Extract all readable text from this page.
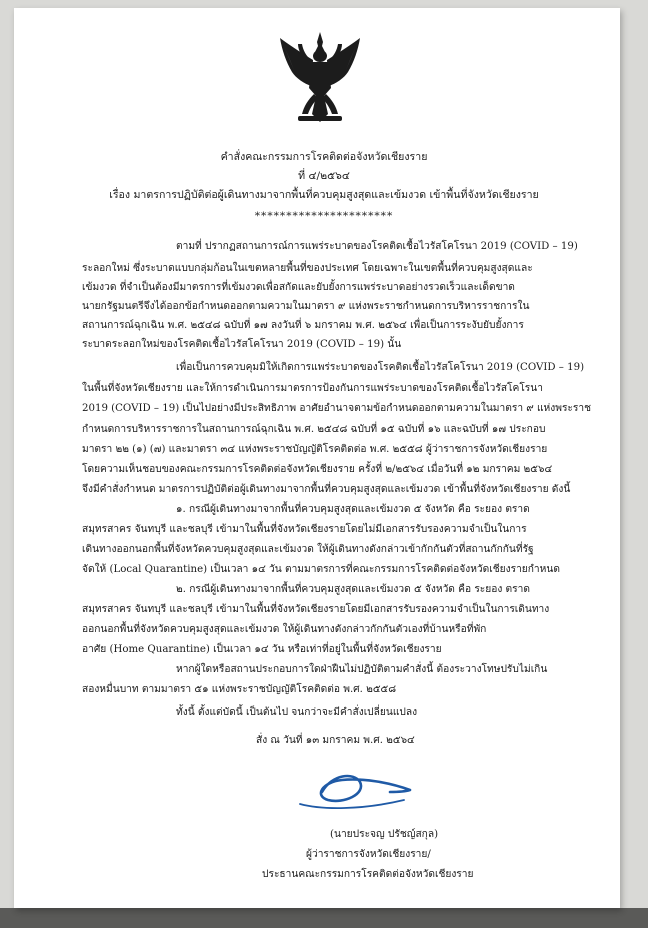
คำสั่งคณะกรรมการโรคติดต่อจังหวัดเชียงราย
ที่ ๔/๒๕๖๔
เรื่อง มาตรการปฏิบัติต่อผู้เดินทางมาจากพื้นที่ควบคุมสูงสุดและเข้มงวด เข้าพื้นที่จังหวัดเชียงราย
**********************
ตามที่ ปรากฏสถานการณ์การแพร่ระบาดของโรคติดเชื้อไวรัสโคโรนา 2019 (COVID – 19)
ระลอกใหม่ ซึ่งระบาดแบบกลุ่มก้อนในเขตหลายพื้นที่ของประเทศ โดยเฉพาะในเขตพื้นที่ควบคุมสูงสุดและ
เข้มงวด ที่จำเป็นต้องมีมาตรการที่เข้มงวดเพื่อสกัดและยับยั้งการแพร่ระบาดอย่างรวดเร็วและเด็ดขาด
นายกรัฐมนตรีจึงได้ออกข้อกำหนดออกตามความในมาตรา ๙ แห่งพระราชกำหนดการบริหารราชการใน
สถานการณ์ฉุกเฉิน พ.ศ. ๒๕๔๘ ฉบับที่ ๑๗ ลงวันที่ ๖ มกราคม พ.ศ. ๒๕๖๔ เพื่อเป็นการระงับยับยั้งการ
ระบาดระลอกใหม่ของโรคติดเชื้อไวรัสโคโรนา 2019 (COVID – 19) นั้น
เพื่อเป็นการควบคุมมิให้เกิดการแพร่ระบาดของโรคติดเชื้อไวรัสโคโรนา 2019 (COVID – 19)
ในพื้นที่จังหวัดเชียงราย และให้การดำเนินการมาตรการป้องกันการแพร่ระบาดของโรคติดเชื้อไวรัสโคโรนา
2019 (COVID – 19) เป็นไปอย่างมีประสิทธิภาพ อาศัยอำนาจตามข้อกำหนดออกตามความในมาตรา ๙ แห่งพระราช
กำหนดการบริหารราชการในสถานการณ์ฉุกเฉิน พ.ศ. ๒๕๔๘ ฉบับที่ ๑๕ ฉบับที่ ๑๖ และฉบับที่ ๑๗ ประกอบ
มาตรา ๒๒ (๑) (๗) และมาตรา ๓๔ แห่งพระราชบัญญัติโรคติดต่อ พ.ศ. ๒๕๕๘ ผู้ว่าราชการจังหวัดเชียงราย
โดยความเห็นชอบของคณะกรรมการโรคติดต่อจังหวัดเชียงราย ครั้งที่ ๒/๒๕๖๔ เมื่อวันที่ ๑๒ มกราคม ๒๕๖๔
จึงมีคำสั่งกำหนด มาตรการปฏิบัติต่อผู้เดินทางมาจากพื้นที่ควบคุมสูงสุดและเข้มงวด เข้าพื้นที่จังหวัดเชียงราย ดังนี้
๑. กรณีผู้เดินทางมาจากพื้นที่ควบคุมสูงสุดและเข้มงวด ๕ จังหวัด คือ ระยอง ตราด
สมุทรสาคร จันทบุรี และชลบุรี เข้ามาในพื้นที่จังหวัดเชียงรายโดยไม่มีเอกสารรับรองความจำเป็นในการ
เดินทางออกนอกพื้นที่จังหวัดควบคุมสูงสุดและเข้มงวด ให้ผู้เดินทางดังกล่าวเข้ากักกันตัวที่สถานกักกันที่รัฐ
จัดให้ (Local Quarantine) เป็นเวลา ๑๔ วัน ตามมาตรการที่คณะกรรมการโรคติดต่อจังหวัดเชียงรายกำหนด
๒. กรณีผู้เดินทางมาจากพื้นที่ควบคุมสูงสุดและเข้มงวด ๕ จังหวัด คือ ระยอง ตราด
สมุทรสาคร จันทบุรี และชลบุรี เข้ามาในพื้นที่จังหวัดเชียงรายโดยมีเอกสารรับรองความจำเป็นในการเดินทาง
ออกนอกพื้นที่จังหวัดควบคุมสูงสุดและเข้มงวด ให้ผู้เดินทางดังกล่าวกักกันตัวเองที่บ้านหรือที่พัก
อาศัย (Home Quarantine) เป็นเวลา ๑๔ วัน หรือเท่าที่อยู่ในพื้นที่จังหวัดเชียงราย
หากผู้ใดหรือสถานประกอบการใดฝ่าฝืนไม่ปฏิบัติตามคำสั่งนี้ ต้องระวางโทษปรับไม่เกิน
สองหมื่นบาท ตามมาตรา ๕๑ แห่งพระราชบัญญัติโรคติดต่อ พ.ศ. ๒๕๕๘
ทั้งนี้ ตั้งแต่บัดนี้ เป็นต้นไป จนกว่าจะมีคำสั่งเปลี่ยนแปลง
สั่ง ณ วันที่ ๑๓ มกราคม พ.ศ. ๒๕๖๔
(นายประจญ ปรัชญ์สกุล)
ผู้ว่าราชการจังหวัดเชียงราย/
ประธานคณะกรรมการโรคติดต่อจังหวัดเชียงราย
